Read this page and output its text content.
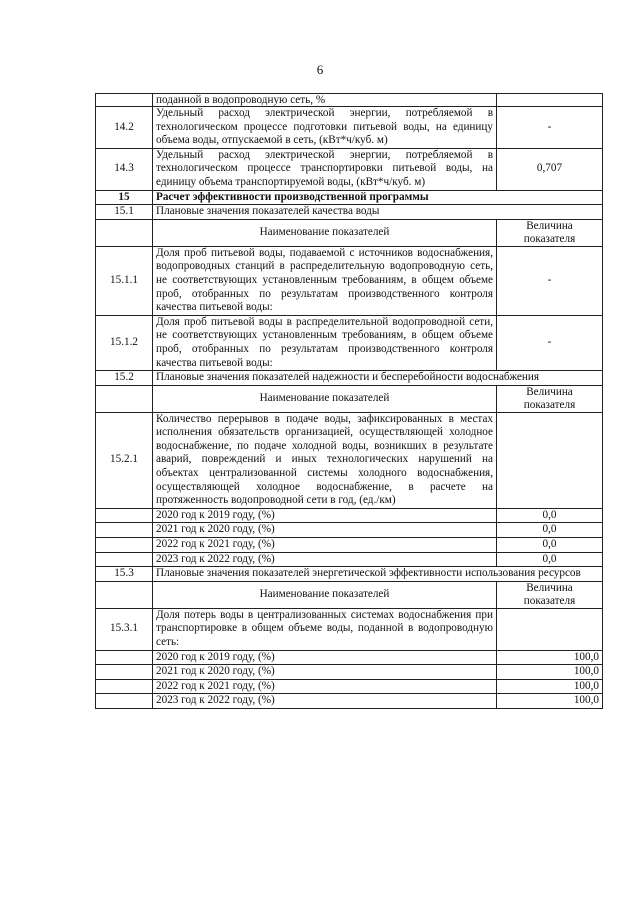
6
	поданной в водопроводную сеть, %	
14.2	Удельный расход электрической энергии, потребляемой в технологическом процессе подготовки питьевой воды, на единицу объема воды, отпускаемой в сеть, (кВт*ч/куб. м)	-
14.3	Удельный расход электрической энергии, потребляемой в технологическом процессе транспортировки питьевой воды, на единицу объема транспортируемой воды, (кВт*ч/куб. м)	0,707
15	Расчет эффективности производственной программы	
15.1	Плановые значения показателей качества воды	
	Наименование показателей	Величина показателя
15.1.1	Доля проб питьевой воды, подаваемой с источников водоснабжения, водопроводных станций в распределительную водопроводную сеть, не соответствующих установленным требованиям, в общем объеме проб, отобранных по результатам производственного контроля качества питьевой воды:	-
15.1.2	Доля проб питьевой воды в распределительной водопроводной сети, не соответствующих установленным требованиям, в общем объеме проб, отобранных по результатам производственного контроля качества питьевой воды:	-
15.2	Плановые значения показателей надежности и бесперебойности водоснабжения	
	Наименование показателей	Величина показателя
15.2.1	Количество перерывов в подаче воды, зафиксированных в местах исполнения обязательств организацией, осуществляющей холодное водоснабжение, по подаче холодной воды, возникших в результате аварий, повреждений и иных технологических нарушений на объектах централизованной системы холодного водоснабжения, осуществляющей холодное водоснабжение, в расчете на протяженность водопроводной сети в год, (ед./км)	
	2020 год к 2019 году, (%)	0,0
	2021 год к 2020 году, (%)	0,0
	2022 год к 2021 году, (%)	0,0
	2023 год к 2022 году, (%)	0,0
15.3	Плановые значения показателей энергетической эффективности использования ресурсов	
	Наименование показателей	Величина показателя
15.3.1	Доля потерь воды в централизованных системах водоснабжения при транспортировке в общем объеме воды, поданной в водопроводную сеть:	
	2020 год к 2019 году, (%)	100,0
	2021 год к 2020 году, (%)	100,0
	2022 год к 2021 году, (%)	100,0
	2023 год к 2022 году, (%)	100,0
